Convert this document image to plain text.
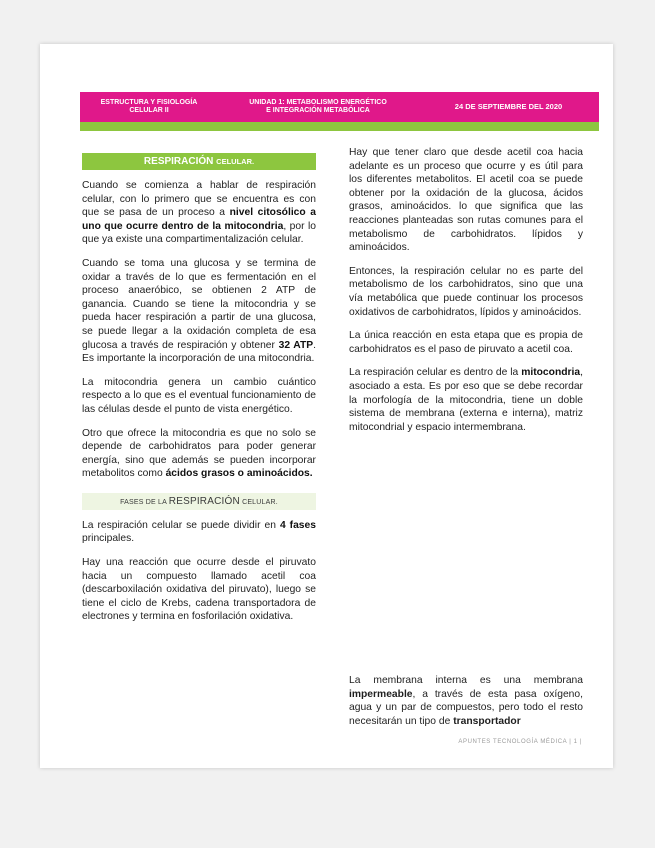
ESTRUCTURA Y FISIOLOGÍA
CELULAR II
UNIDAD 1: METABOLISMO ENERGÉTICO
E INTEGRACIÓN METABÓLICA	24 DE SEPTIEMBRE DEL 2020
RESPIRACIÓN CELULAR.

Cuando se comienza a hablar de respiración celular, con lo primero que se encuentra es con que se pasa de un proceso a nivel citosólico a uno que ocurre dentro de la mitocondria, por lo que ya existe una compartimentalización celular.

Cuando se toma una glucosa y se termina de oxidar a través de lo que es fermentación en el proceso anaeróbico, se obtienen 2 ATP de ganancia. Cuando se tiene la mitocondria y se pueda hacer respiración a partir de una glucosa, se puede llegar a la oxidación completa de esa glucosa a través de respiración y obtener 32 ATP. Es importante la incorporación de una mitocondria.

La mitocondria genera un cambio cuántico respecto a lo que es el eventual funcionamiento de las células desde el punto de vista energético.

Otro que ofrece la mitocondria es que no solo se depende de carbohidratos para poder generar energía, sino que además se pueden incorporar metabolitos como ácidos grasos o aminoácidos.

FASES DE LA RESPIRACIÓN CELULAR.

La respiración celular se puede dividir en 4 fases principales.

Hay una reacción que ocurre desde el piruvato hacia un compuesto llamado acetil coa (descarboxilación oxidativa del piruvato), luego se tiene el ciclo de Krebs, cadena transportadora de electrones y termina en fosforilación oxidativa.

Hay que tener claro que desde acetil coa hacia adelante es un proceso que ocurre y es útil para los diferentes metabolitos. El acetil coa se puede obtener por la oxidación de la glucosa, ácidos grasos, aminoácidos. lo que significa que las reacciones planteadas son rutas comunes para el metabolismo de carbohidratos. lípidos y aminoácidos.

Entonces, la respiración celular no es parte del metabolismo de los carbohidratos, sino que una vía metabólica que puede continuar los procesos oxidativos de carbohidratos, lípidos y aminoácidos.

La única reacción en esta etapa que es propia de carbohidratos es el paso de piruvato a acetil coa.

La respiración celular es dentro de la mitocondria, asociado a esta. Es por eso que se debe recordar la morfología de la mitocondria, tiene un doble sistema de membrana (externa e interna), matriz mitocondrial y espacio intermembrana.

La membrana interna es una membrana impermeable, a través de esta pasa oxígeno, agua y un par de compuestos, pero todo el resto necesitarán un tipo de transportador
APUNTES TECNOLOGÍA MÉDICA | 1 |
